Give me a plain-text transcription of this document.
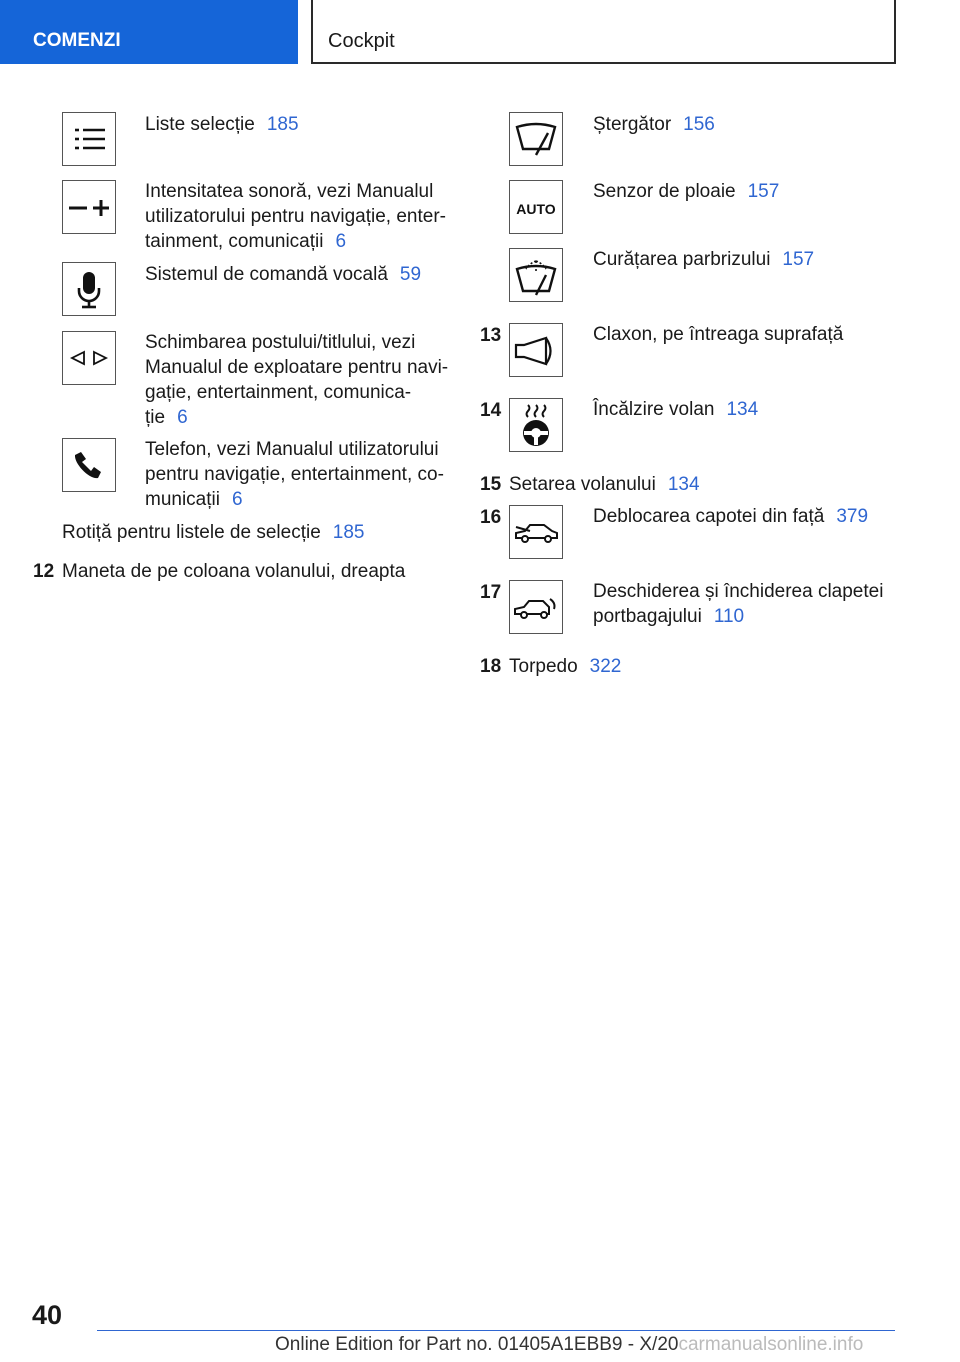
COMENZI	Cockpit
Liste selecție 185
Intensitatea sonoră, vezi Manualul
utilizatorului pentru navigație, enter-
tainment, comunicații 6
Sistemul de comandă vocală 59
Schimbarea postului/titlului, vezi
Manualul de exploatare pentru navi-
gație, entertainment, comunica-
ție 6
Telefon, vezi Manualul utilizatorului
pentru navigație, entertainment, co-
municații 6
Rotiță pentru listele de selecție 185
12 Maneta de pe coloana volanului, dreapta
Ștergător 156
AUTO
Senzor de ploaie 157
Curățarea parbrizului 157
13	Claxon, pe întreaga suprafață
14	Încălzire volan 134
15 Setarea volanului 134
16	Deblocarea capotei din față 379
17	Deschiderea și închiderea clapetei
portbagajului 110
18 Torpedo 322
40
Online Edition for Part no. 01405A1EBB9 - X/20carmanualsonline.info
